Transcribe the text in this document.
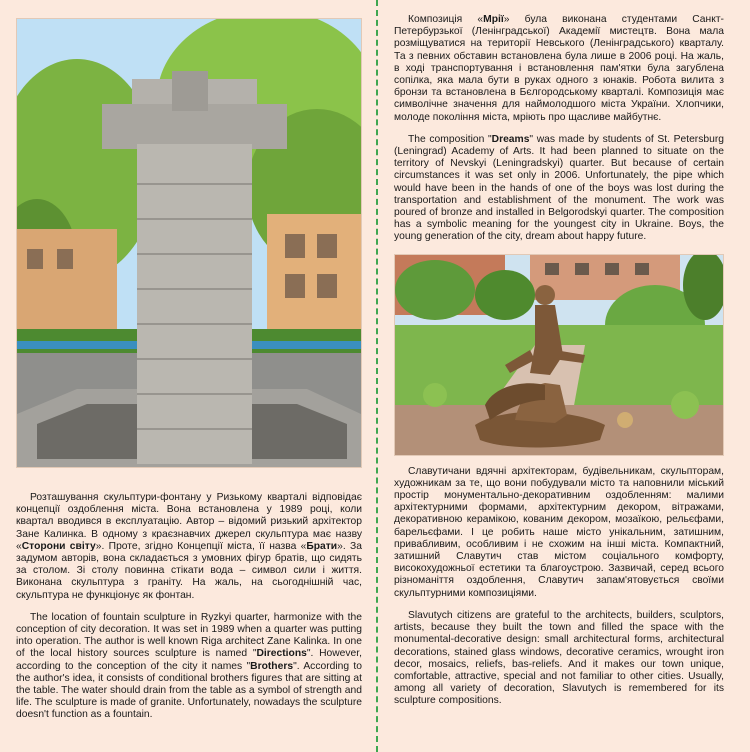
Розташування скульптури-фонтану у Ризькому кварталі відповідає концепції оздоблення міста. Вона встановлена у 1989 році, коли квартал вводився в експлуатацію. Автор – відомий ризький архітектор Зане Калинка. В одному з краєзнавчих джерел скульптура має назву «Сторони світу». Проте, згідно Концепції міста, її назва «Брати». За задумом авторів, вона складається з умовних фігур братів, що сидять за столом. Зі столу повинна стікати вода – символ сили і життя. Виконана скульптура з граніту. На жаль, на сьогоднішній час, скульптура не функціонує як фонтан.

The location of fountain sculpture in Ryzkyi quarter, harmonize with the conception of city decoration. It was set in 1989 when a quarter was putting into operation. The author is well known Riga architect Zane Kalinka. In one of the local history sources sculpture is named "Directions". However, according to the conception of the city it names "Brothers". According to the author's idea, it consists of conditional brothers figures that are sitting at the table. The water should drain from the table as a symbol of strength and life. The sculpture is made of granite. Unfortunately, nowadays the sculpture doesn't function as a fountain.

Композиція «Мрії» була виконана студентами Санкт-Петербурзької (Ленінградської) Академії мистецтв. Вона мала розміщуватися на території Невського (Ленінградського) кварталу. Та з певних обставин встановлена була лише в 2006 році. На жаль, в ході транспортування і встановлення пам'ятки була загублена сопілка, яка мала бути в руках одного з юнаків. Робота вилита з бронзи та встановлена в Бєлгородському кварталі. Композиція має символічне значення для наймолодшого міста України. Хлопчики, молоде покоління міста, мріють про щасливе майбутнє.

The composition "Dreams" was made by students of St. Petersburg (Leningrad) Academy of Arts. It had been planned to situate on the territory of Nevskyi (Leningradskyi) quarter. But because of certain circumstances it was set only in 2006. Unfortunately, the pipe which would have been in the hands of one of the boys was lost during the transportation and establishment of the monument. The work was poured of bronze and installed in Belgorodskyi quarter. The composition has a symbolic meaning for the youngest city in Ukraine. Boys, the young generation of the city, dream about happy future.

Славутичани вдячні архітекторам, будівельникам, скульпторам, художникам за те, що вони побудували місто та наповнили міський простір монументально-декоративним оздобленням: малими архітектурними формами, архітектурним декором, вітражами, декоративною керамікою, кованим декором, мозаїкою, рельєфами, барельєфами. І це робить наше місто унікальним, затишним, привабливим, особливим і не схожим на інші міста. Компактний, затишний Славутич став містом соціального комфорту, високохудожньої естетики та благоустрою. Зазвичай, серед всього різноманіття оздоблення, Славутич запам'ятовується своїми скульптурними композиціями.

Slavutych citizens are grateful to the architects, builders, sculptors, artists, because they built the town and filled the space with the monumental-decorative design: small architectural forms, architectural decorations, stained glass windows, decorative ceramics, wrought iron decor, mosaics, reliefs, bas-reliefs. And it makes our town unique, comfortable, attractive, special and not familiar to other cities. Usually, among all variety of decoration, Slavutych is remembered for its sculpture compositions.
